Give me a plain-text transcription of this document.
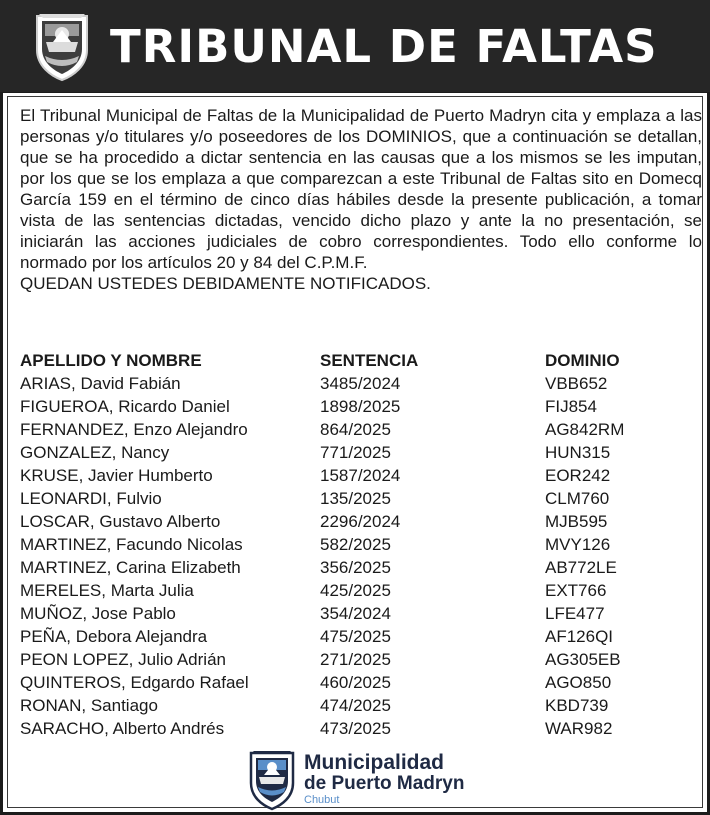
TRIBUNAL DE FALTAS

El Tribunal Municipal de Faltas de la Municipalidad de Puerto Madryn cita y emplaza a las personas y/o titulares y/o poseedores de los DOMINIOS, que a continuación se detallan, que se ha procedido a dictar sentencia en las causas que a los mismos se les imputan, por los que se los emplaza a que comparezcan a este Tribunal de Faltas sito en Domecq García 159 en el término de cinco días hábiles desde la presente publicación, a tomar vista de las sentencias dictadas, vencido dicho plazo y ante la no presentación, se iniciarán las acciones judiciales de cobro correspondientes. Todo ello conforme lo normado por los artículos 20 y 84 del C.P.M.F.
QUEDAN USTEDES DEBIDAMENTE NOTIFICADOS.

APELLIDO Y NOMBRE	SENTENCIA	DOMINIO
ARIAS, David Fabián	3485/2024	VBB652
FIGUEROA, Ricardo Daniel	1898/2025	FIJ854
FERNANDEZ, Enzo Alejandro	864/2025	AG842RM
GONZALEZ, Nancy	771/2025	HUN315
KRUSE, Javier Humberto	1587/2024	EOR242
LEONARDI, Fulvio	135/2025	CLM760
LOSCAR, Gustavo Alberto	2296/2024	MJB595
MARTINEZ, Facundo Nicolas	582/2025	MVY126
MARTINEZ, Carina Elizabeth	356/2025	AB772LE
MERELES, Marta Julia	425/2025	EXT766
MUÑOZ, Jose Pablo	354/2024	LFE477
PEÑA, Debora Alejandra	475/2025	AF126QI
PEON LOPEZ, Julio Adrián	271/2025	AG305EB
QUINTEROS, Edgardo Rafael	460/2025	AGO850
RONAN, Santiago	474/2025	KBD739
SARACHO, Alberto Andrés	473/2025	WAR982
Municipalidad
de Puerto Madryn
Chubut
